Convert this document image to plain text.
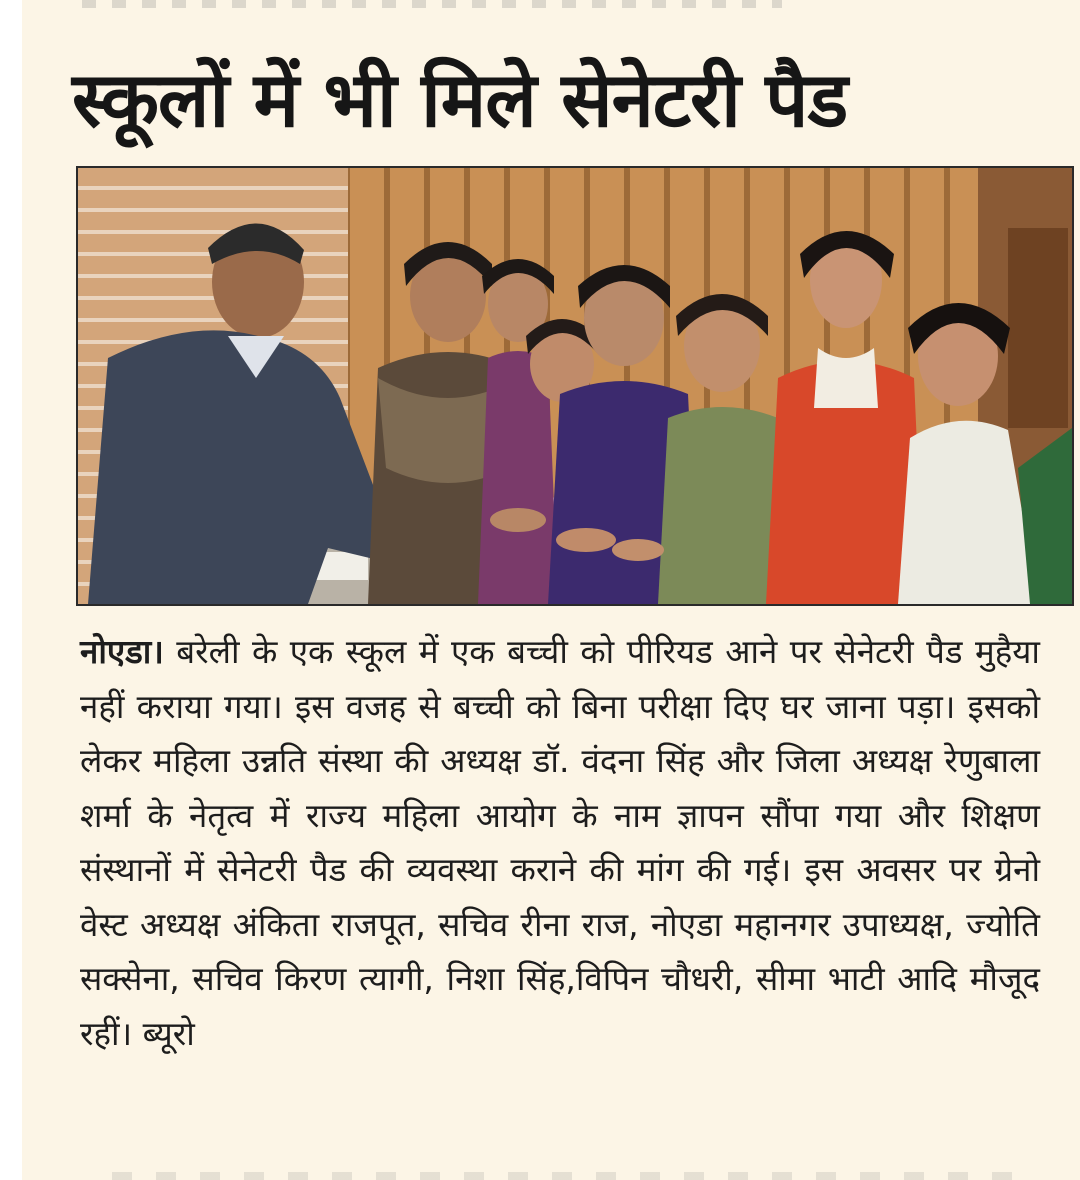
स्कूलों में भी मिले सेनेटरी पैड

नोएडा। बरेली के एक स्कूल में एक बच्ची को पीरियड आने पर सेनेटरी पैड मुहैया नहीं कराया गया। इस वजह से बच्ची को बिना परीक्षा दिए घर जाना पड़ा। इसको लेकर महिला उन्नति संस्था की अध्यक्ष डॉ. वंदना सिंह और जिला अध्यक्ष रेणुबाला शर्मा के नेतृत्व में राज्य महिला आयोग के नाम ज्ञापन सौंपा गया और शिक्षण संस्थानों में सेनेटरी पैड की व्यवस्था कराने की मांग की गई। इस अवसर पर ग्रेनो वेस्ट अध्यक्ष अंकिता राजपूत, सचिव रीना राज, नोएडा महानगर उपाध्यक्ष, ज्योति सक्सेना, सचिव किरण त्यागी, निशा सिंह,विपिन चौधरी, सीमा भाटी आदि मौजूद रहीं। ब्यूरो
